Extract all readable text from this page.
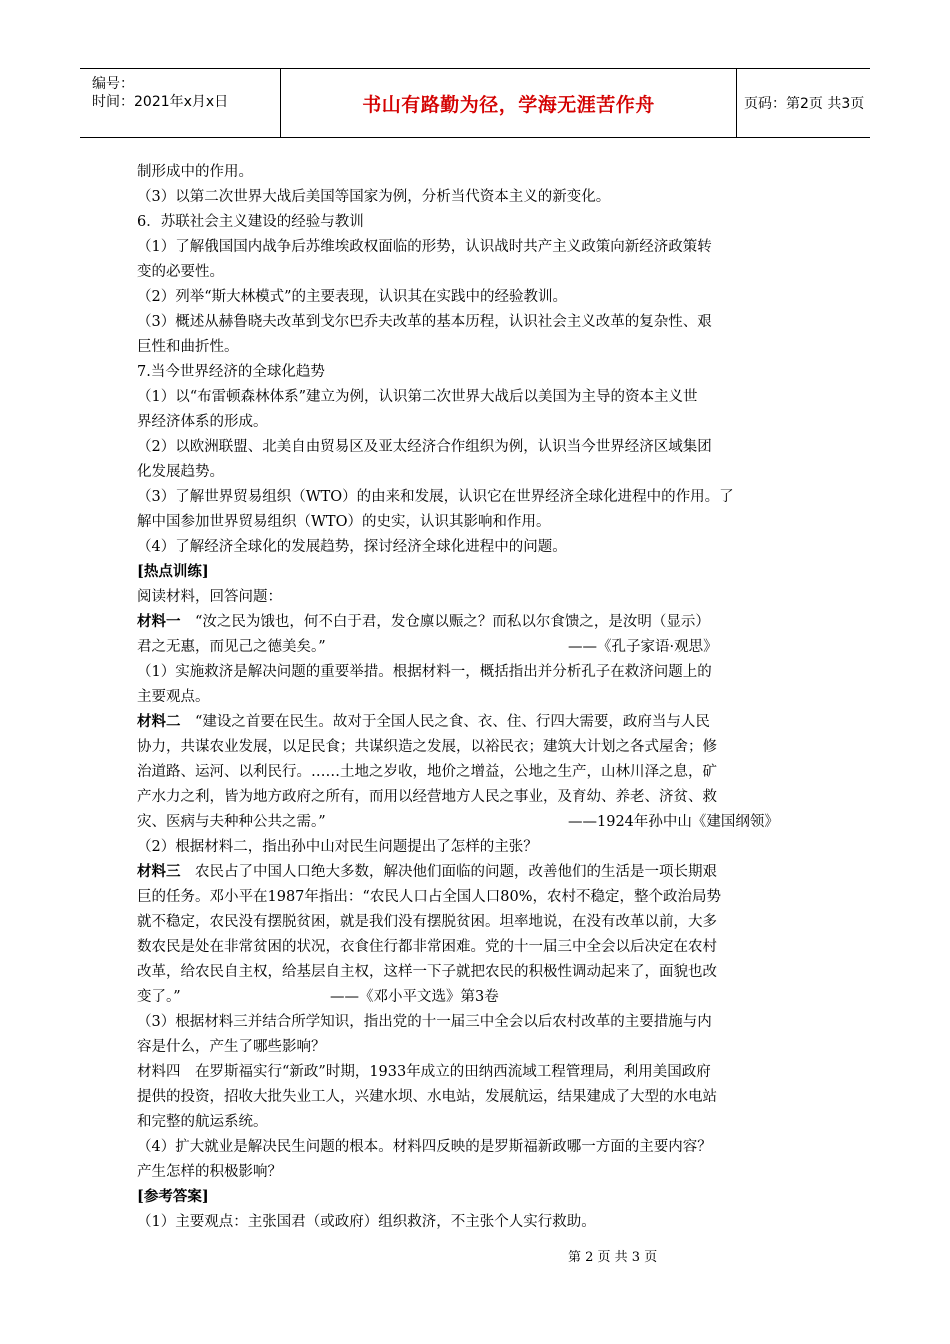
编号：
时间：2021年x月x日	书山有路勤为径，学海无涯苦作舟	页码：第2页 共3页
制形成中的作用。
（3）以第二次世界大战后美国等国家为例，分析当代资本主义的新变化。
6．苏联社会主义建设的经验与教训
（1）了解俄国国内战争后苏维埃政权面临的形势，认识战时共产主义政策向新经济政策转
变的必要性。
（2）列举“斯大林模式”的主要表现，认识其在实践中的经验教训。
（3）概述从赫鲁晓夫改革到戈尔巴乔夫改革的基本历程，认识社会主义改革的复杂性、艰
巨性和曲折性。
7.当今世界经济的全球化趋势
（1）以“布雷顿森林体系”建立为例，认识第二次世界大战后以美国为主导的资本主义世
界经济体系的形成。
（2）以欧洲联盟、北美自由贸易区及亚太经济合作组织为例，认识当今世界经济区域集团
化发展趋势。
（3）了解世界贸易组织（WTO）的由来和发展，认识它在世界经济全球化进程中的作用。了
解中国参加世界贸易组织（WTO）的史实，认识其影响和作用。
（4）了解经济全球化的发展趋势，探讨经济全球化进程中的问题。
[热点训练]
阅读材料，回答问题：
材料一　“汝之民为饿也，何不白于君，发仓廪以赈之？而私以尔食馈之，是汝明（显示）
君之无惠，而见己之德美矣。”	——《孔子家语·观思》
（1）实施救济是解决问题的重要举措。根据材料一，概括指出并分析孔子在救济问题上的
主要观点。
材料二　“建设之首要在民生。故对于全国人民之食、衣、住、行四大需要，政府当与人民
协力，共谋农业发展，以足民食；共谋织造之发展，以裕民衣；建筑大计划之各式屋舍；修
治道路、运河、以利民行。……土地之岁收，地价之增益，公地之生产，山林川泽之息，矿
产水力之利，皆为地方政府之所有，而用以经营地方人民之事业，及育幼、养老、济贫、救
灾、医病与夫种种公共之需。”	——1924年孙中山《建国纲领》
（2）根据材料二，指出孙中山对民生问题提出了怎样的主张？
材料三　农民占了中国人口绝大多数，解决他们面临的问题，改善他们的生活是一项长期艰
巨的任务。邓小平在1987年指出：“农民人口占全国人口80%，农村不稳定，整个政治局势
就不稳定，农民没有摆脱贫困，就是我们没有摆脱贫困。坦率地说，在没有改革以前，大多
数农民是处在非常贫困的状况，衣食住行都非常困难。党的十一届三中全会以后决定在农村
改革，给农民自主权，给基层自主权，这样一下子就把农民的积极性调动起来了，面貌也改
变了。”	——《邓小平文选》第3卷
（3）根据材料三并结合所学知识，指出党的十一届三中全会以后农村改革的主要措施与内
容是什么，产生了哪些影响？
材料四　在罗斯福实行“新政”时期，1933年成立的田纳西流域工程管理局，利用美国政府
提供的投资，招收大批失业工人，兴建水坝、水电站，发展航运，结果建成了大型的水电站
和完整的航运系统。
（4）扩大就业是解决民生问题的根本。材料四反映的是罗斯福新政哪一方面的主要内容？
产生怎样的积极影响？
[参考答案]
（1）主要观点：主张国君（或政府）组织救济，不主张个人实行救助。
第 2 页 共 3 页
